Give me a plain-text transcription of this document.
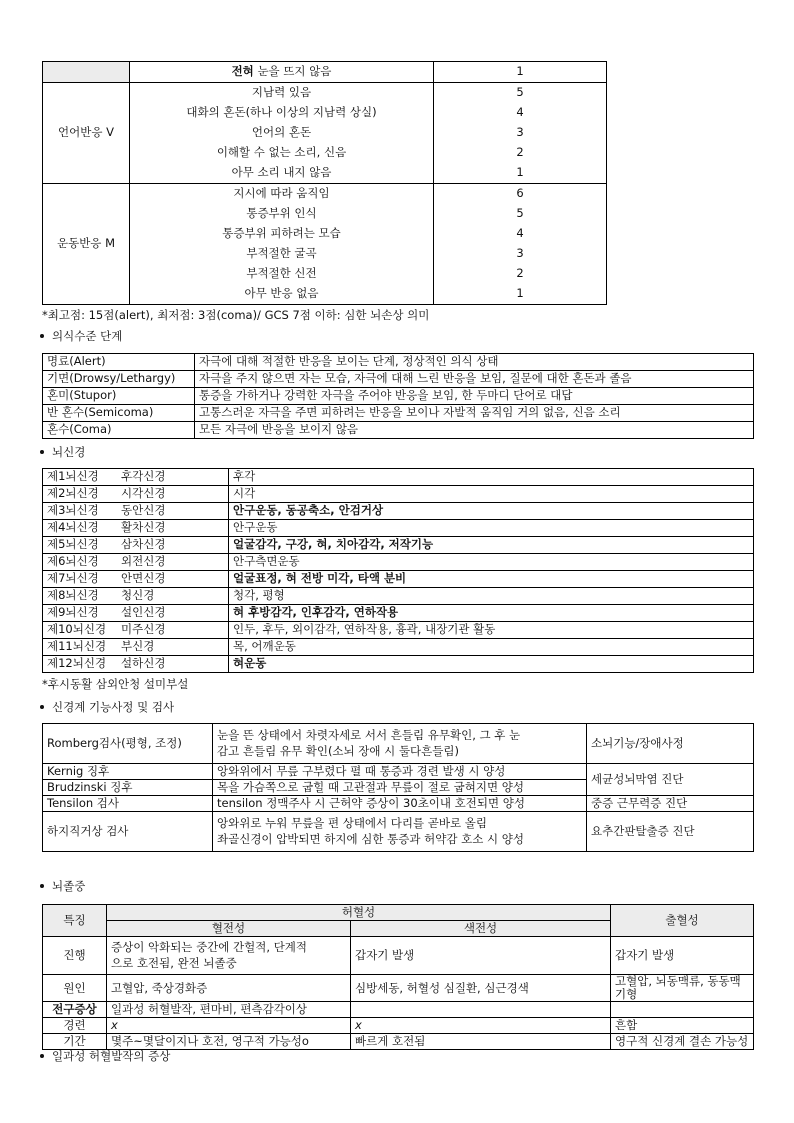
	전혀 눈을 뜨지 않음	1
언어반응 V	지남력 있음	5
	대화의 혼돈(하나 이상의 지남력 상실)	4
	언어의 혼돈	3
	이해할 수 없는 소리, 신음	2
	아무 소리 내지 않음	1
운동반응 M	지시에 따라 움직임	6
	통증부위 인식	5
	통증부위 피하려는 모습	4
	부적절한 굴곡	3
	부적절한 신전	2
	아무 반응 없음	1
*최고점: 15점(alert), 최저점: 3점(coma)/ GCS 7점 이하: 심한 뇌손상 의미
의식수준 단계
명료(Alert)	자극에 대해 적절한 반응을 보이는 단계, 정상적인 의식 상태
기면(Drowsy/Lethargy)	자극을 주지 않으면 자는 모습, 자극에 대해 느린 반응을 보임, 질문에 대한 혼돈과 졸음
혼미(Stupor)	통증을 가하거나 강력한 자극을 주어야 반응을 보임, 한 두마디 단어로 대답
반 혼수(Semicoma)	고통스러운 자극을 주면 피하려는 반응을 보이나 자발적 움직임 거의 없음, 신음 소리
혼수(Coma)	모든 자극에 반응을 보이지 않음
뇌신경
제1뇌신경 후각신경	후각
제2뇌신경 시각신경	시각
제3뇌신경 동안신경	안구운동, 동공축소, 안검거상
제4뇌신경 활차신경	안구운동
제5뇌신경 삼차신경	얼굴감각, 구강, 혀, 치아감각, 저작기능
제6뇌신경 외전신경	안구측면운동
제7뇌신경 안면신경	얼굴표정, 혀 전방 미각, 타액 분비
제8뇌신경 청신경	청각, 평형
제9뇌신경 설인신경	혀 후방감각, 인후감각, 연하작용
제10뇌신경 미주신경	인두, 후두, 외이감각, 연하작용, 흉곽, 내장기관 활동
제11뇌신경 부신경	목, 어깨운동
제12뇌신경 설하신경	혀운동
*후시동활 삼외안청 설미부설
신경계 기능사정 및 검사
Romberg검사(평형, 조정)	눈을 뜬 상태에서 차렷자세로 서서 흔들림 유무확인, 그 후 눈
감고 흔들림 유무 확인(소뇌 장애 시 둘다흔들림)	소뇌기능/장애사정
Kernig 징후	앙와위에서 무릎 구부렸다 펼 때 통증과 경련 발생 시 양성	세균성뇌막염 진단
Brudzinski 징후	목을 가슴쪽으로 굽힐 때 고관절과 무릎이 절로 굽혀지면 양성	
Tensilon 검사	tensilon 정맥주사 시 근허약 증상이 30초이내 호전되면 양성	중증 근무력증 진단
하지직거상 검사	앙와위로 누워 무릎을 편 상태에서 다리를 곧바로 올림
좌골신경이 압박되면 하지에 심한 통증과 허약감 호소 시 양성	요추간판탈출증 진단
뇌졸중
특징	허혈성		출혈성
	혈전성	색전성	
진행	증상이 악화되는 중간에 간헐적, 단계적
으로 호전됨, 완전 뇌졸중	갑자기 발생	갑자기 발생
원인	고혈압, 죽상경화증	심방세동, 허혈성 심질환, 심근경색	고혈압, 뇌동맥류, 동동맥기형
전구증상	일과성 허혈발작, 편마비, 편측감각이상		
경련	x	x	흔함
기간	몇주~몇달이지나 호전, 영구적 가능성o	빠르게 호전됨	영구적 신경계 결손 가능성
일과성 허혈발작의 증상
